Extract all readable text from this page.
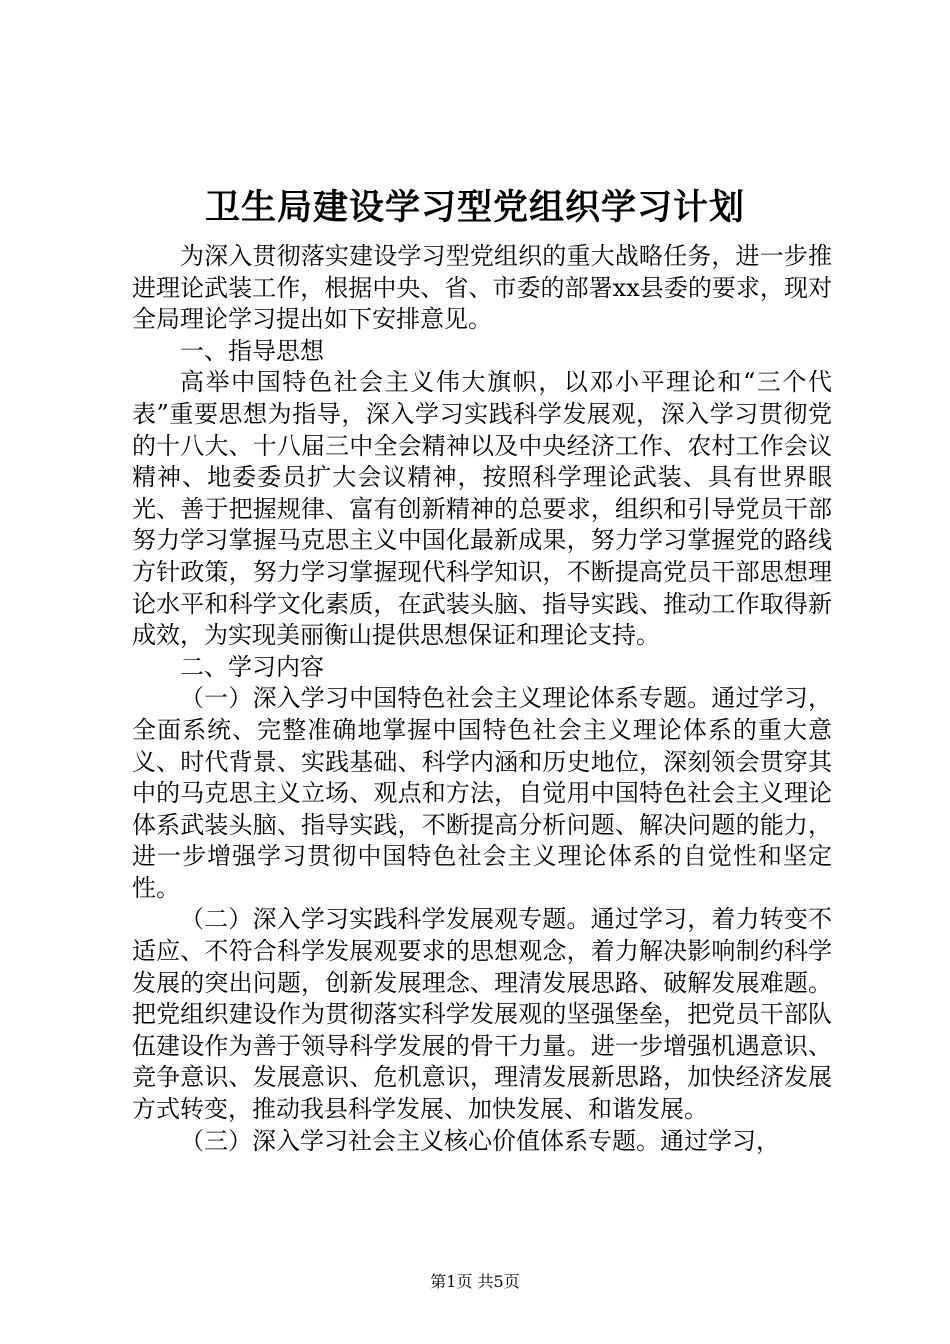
卫生局建设学习型党组织学习计划

为深入贯彻落实建设学习型党组织的重大战略任务，进一步推进理论武装工作，根据中央、省、市委的部署xx县委的要求，现对全局理论学习提出如下安排意见。

一、指导思想

高举中国特色社会主义伟大旗帜，以邓小平理论和“三个代表”重要思想为指导，深入学习实践科学发展观，深入学习贯彻党的十八大、十八届三中全会精神以及中央经济工作、农村工作会议精神、地委委员扩大会议精神，按照科学理论武装、具有世界眼光、善于把握规律、富有创新精神的总要求，组织和引导党员干部努力学习掌握马克思主义中国化最新成果，努力学习掌握党的路线方针政策，努力学习掌握现代科学知识，不断提高党员干部思想理论水平和科学文化素质，在武装头脑、指导实践、推动工作取得新成效，为实现美丽衡山提供思想保证和理论支持。

二、学习内容

（一）深入学习中国特色社会主义理论体系专题。通过学习，全面系统、完整准确地掌握中国特色社会主义理论体系的重大意义、时代背景、实践基础、科学内涵和历史地位，深刻领会贯穿其中的马克思主义立场、观点和方法，自觉用中国特色社会主义理论体系武装头脑、指导实践，不断提高分析问题、解决问题的能力，进一步增强学习贯彻中国特色社会主义理论体系的自觉性和坚定性。

（二）深入学习实践科学发展观专题。通过学习，着力转变不适应、不符合科学发展观要求的思想观念，着力解决影响制约科学发展的突出问题，创新发展理念、理清发展思路、破解发展难题。把党组织建设作为贯彻落实科学发展观的坚强堡垒，把党员干部队伍建设作为善于领导科学发展的骨干力量。进一步增强机遇意识、竞争意识、发展意识、危机意识，理清发展新思路，加快经济发展方式转变，推动我县科学发展、加快发展、和谐发展。

（三）深入学习社会主义核心价值体系专题。通过学习，

第1页 共5页
